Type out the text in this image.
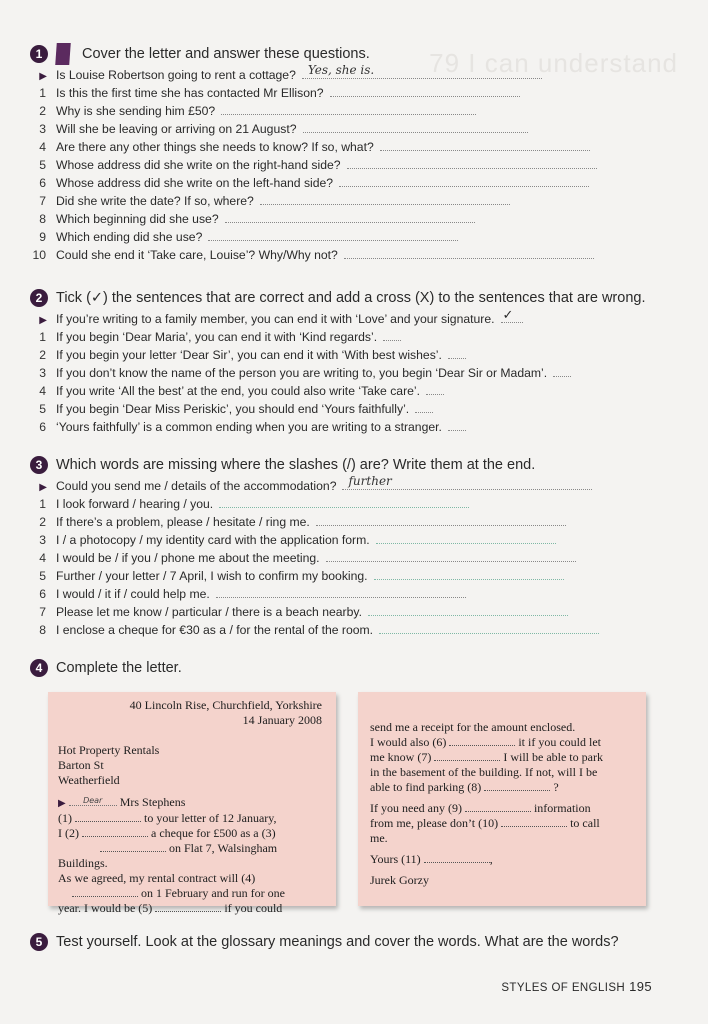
79 I can understand
1	Cover the letter and answer these questions.
▶ Is Louise Robertson going to rent a cottage? Yes, she is.
1 Is this the first time she has contacted Mr Ellison?
2 Why is she sending him £50?
3 Will she be leaving or arriving on 21 August?
4 Are there any other things she needs to know? If so, what?
5 Whose address did she write on the right-hand side?
6 Whose address did she write on the left-hand side?
7 Did she write the date? If so, where?
8 Which beginning did she use?
9 Which ending did she use?
10 Could she end it ‘Take care, Louise’? Why/Why not?
2 Tick (✓) the sentences that are correct and add a cross (X) to the sentences that are wrong.
▶ If you’re writing to a family member, you can end it with ‘Love’ and your signature. ✓
1 If you begin ‘Dear Maria’, you can end it with ‘Kind regards’.
2 If you begin your letter ‘Dear Sir’, you can end it with ‘With best wishes’.
3 If you don’t know the name of the person you are writing to, you begin ‘Dear Sir or Madam’.
4 If you write ‘All the best’ at the end, you could also write ‘Take care’.
5 If you begin ‘Dear Miss Periskic’, you should end ‘Yours faithfully’.
6 ‘Yours faithfully’ is a common ending when you are writing to a stranger.
3 Which words are missing where the slashes (/) are? Write them at the end.
▶ Could you send me / details of the accommodation? further
1 I look forward / hearing / you.
2 If there’s a problem, please / hesitate / ring me.
3 I / a photocopy / my identity card with the application form.
4 I would be / if you / phone me about the meeting.
5 Further / your letter / 7 April, I wish to confirm my booking.
6 I would / it if / could help me.
7 Please let me know / particular / there is a beach nearby.
8 I enclose a cheque for €30 as a / for the rental of the room.
4 Complete the letter.
40 Lincoln Rise, Churchfield, Yorkshire
14 January 2008
Hot Property Rentals
Barton St
Weatherfield
▶ $^{Dear}$ Mrs Stephens
(1)	to your letter of 12 January,
I (2)	a cheque for £500 as a (3)
on Flat 7, Walsingham Buildings.
As we agreed, my rental contract will (4)
on 1 February and run for one
year. I would be (5)	if you could
send me a receipt for the amount enclosed.
I would also (6)	it if you could let
me know (7)	I will be able to park
in the basement of the building. If not, will I be
able to find parking (8)	?
If you need any (9)	information
from me, please don’t (10)	to call
me.
Yours (11)	,
Jurek Gorzy
5 Test yourself. Look at the glossary meanings and cover the words. What are the words?
STYLES OF ENGLISH 195
